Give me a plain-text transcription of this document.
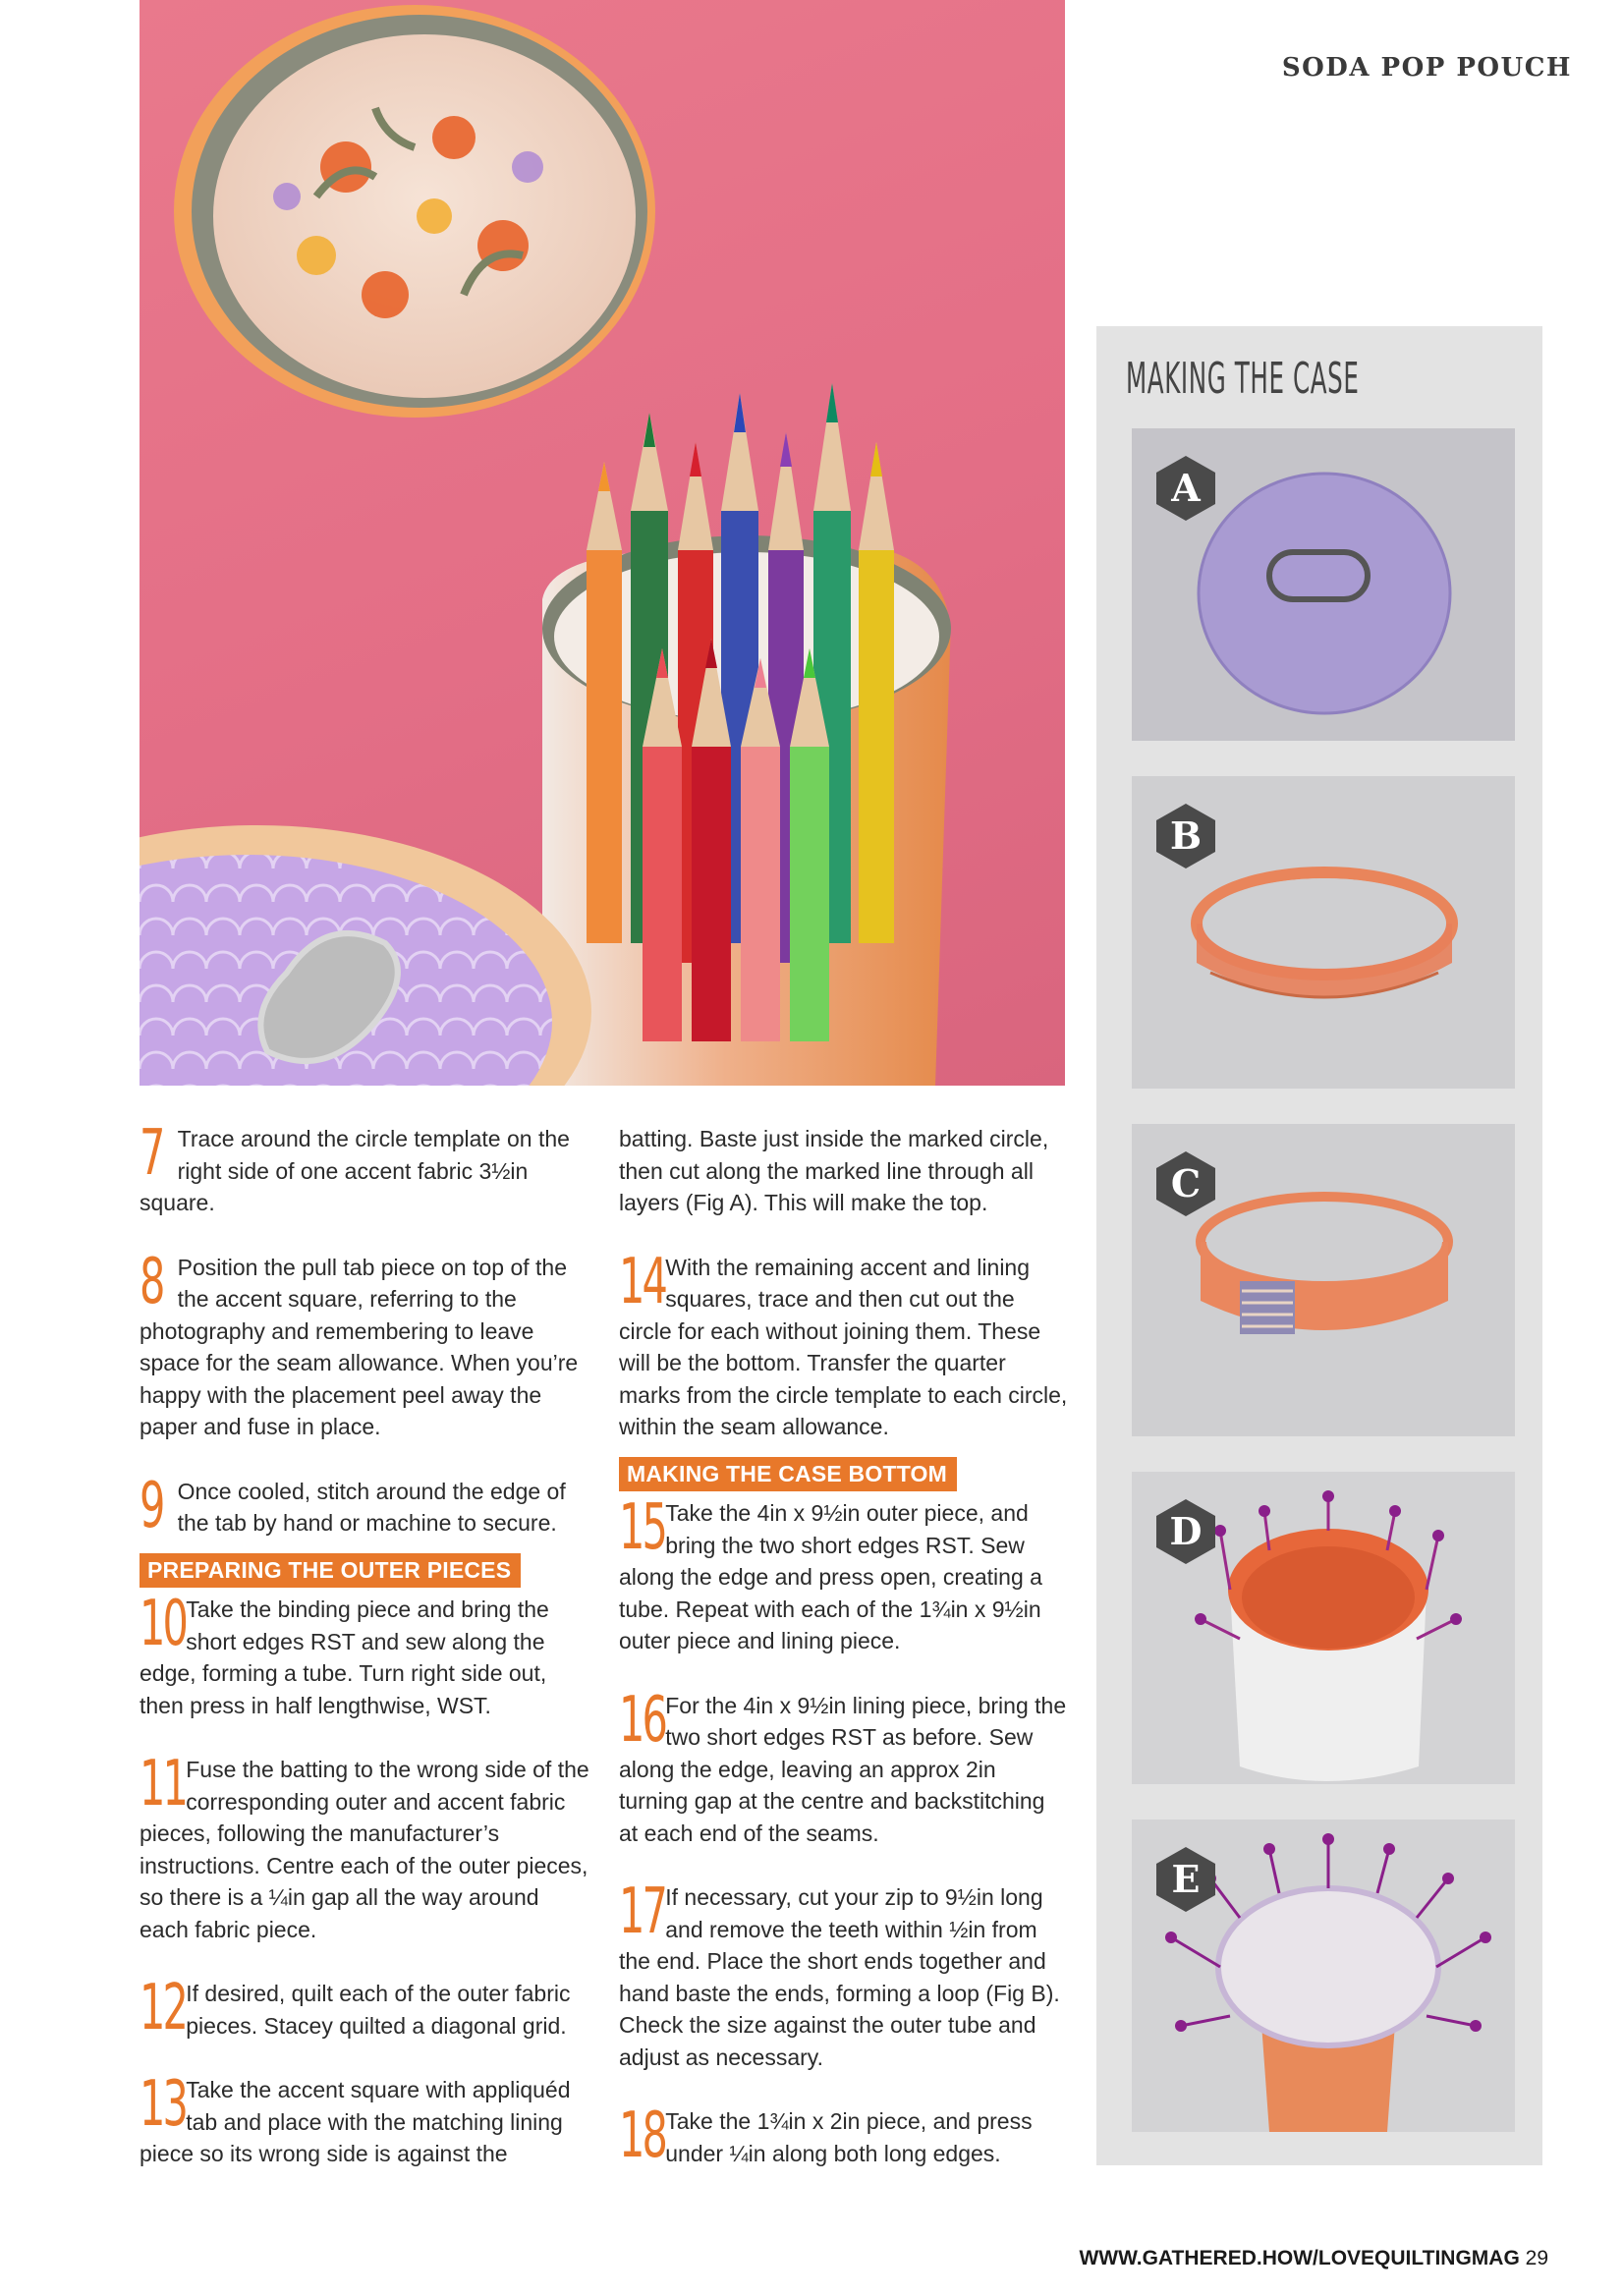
SODA POP POUCH
MAKING THE CASE
A
B
C
D
E
7 Trace around the circle template on the right side of one accent fabric 3½in square.
8 Position the pull tab piece on top of the the accent square, referring to the photography and remembering to leave space for the seam allowance. When you’re happy with the placement peel away the paper and fuse in place.
9 Once cooled, stitch around the edge of the tab by hand or machine to secure.
PREPARING THE OUTER PIECES
10 Take the binding piece and bring the short edges RST and sew along the edge, forming a tube. Turn right side out, then press in half lengthwise, WST.
11 Fuse the batting to the wrong side of the corresponding outer and accent fabric pieces, following the manufacturer’s instructions. Centre each of the outer pieces, so there is a ¼in gap all the way around each fabric piece.
12 If desired, quilt each of the outer fabric pieces. Stacey quilted a diagonal grid.
13 Take the accent square with appliquéd tab and place with the matching lining piece so its wrong side is against the
batting. Baste just inside the marked circle, then cut along the marked line through all layers (Fig A). This will make the top.
14 With the remaining accent and lining squares, trace and then cut out the circle for each without joining them. These will be the bottom. Transfer the quarter marks from the circle template to each circle, within the seam allowance.
MAKING THE CASE BOTTOM
15 Take the 4in x 9½in outer piece, and bring the two short edges RST. Sew along the edge and press open, creating a tube. Repeat with each of the 1¾in x 9½in outer piece and lining piece.
16 For the 4in x 9½in lining piece, bring the two short edges RST as before. Sew along the edge, leaving an approx 2in turning gap at the centre and backstitching at each end of the seams.
17 If necessary, cut your zip to 9½in long and remove the teeth within ½in from the end. Place the short ends together and hand baste the ends, forming a loop (Fig B). Check the size against the outer tube and adjust as necessary.
18 Take the 1¾in x 2in piece, and press under ¼in along both long edges.
WWW.GATHERED.HOW/LOVEQUILTINGMAG 29
